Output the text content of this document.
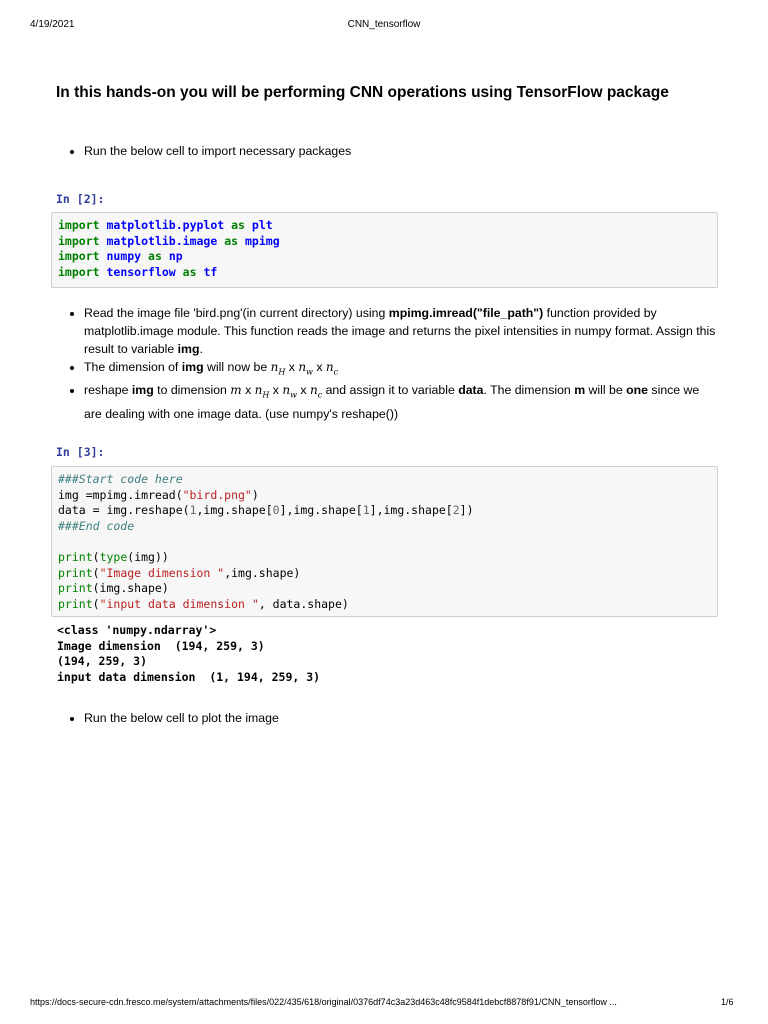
4/19/2021	CNN_tensorflow
In this hands-on you will be performing CNN operations using TensorFlow package
Run the below cell to import necessary packages
In [2]:
import matplotlib.pyplot as plt
import matplotlib.image as mpimg
import numpy as np
import tensorflow as tf
Read the image file 'bird.png'(in current directory) using mpimg.imread("file_path") function provided by matplotlib.image module. This function reads the image and returns the pixel intensities in numpy format. Assign this result to variable img.
The dimension of img will now be $n_H$ x $n_w$ x $n_c$
reshape img to dimension m x $n_H$ x $n_w$ x $n_c$ and assign it to variable data. The dimension m will be one since we are dealing with one image data. (use numpy's reshape())
In [3]:
###Start code here
img =mpimg.imread("bird.png")
data = img.reshape(1,img.shape[0],img.shape[1],img.shape[2])
###End code

print(type(img))
print("Image dimension ",img.shape)
print(img.shape)
print("input data dimension ", data.shape)
<class 'numpy.ndarray'>
Image dimension  (194, 259, 3)
(194, 259, 3)
input data dimension  (1, 194, 259, 3)
Run the below cell to plot the image
https://docs-secure-cdn.fresco.me/system/attachments/files/022/435/618/original/0376df74c3a23d463c48fc9584f1debcf8878f91/CNN_tensorflow ...	1/6
